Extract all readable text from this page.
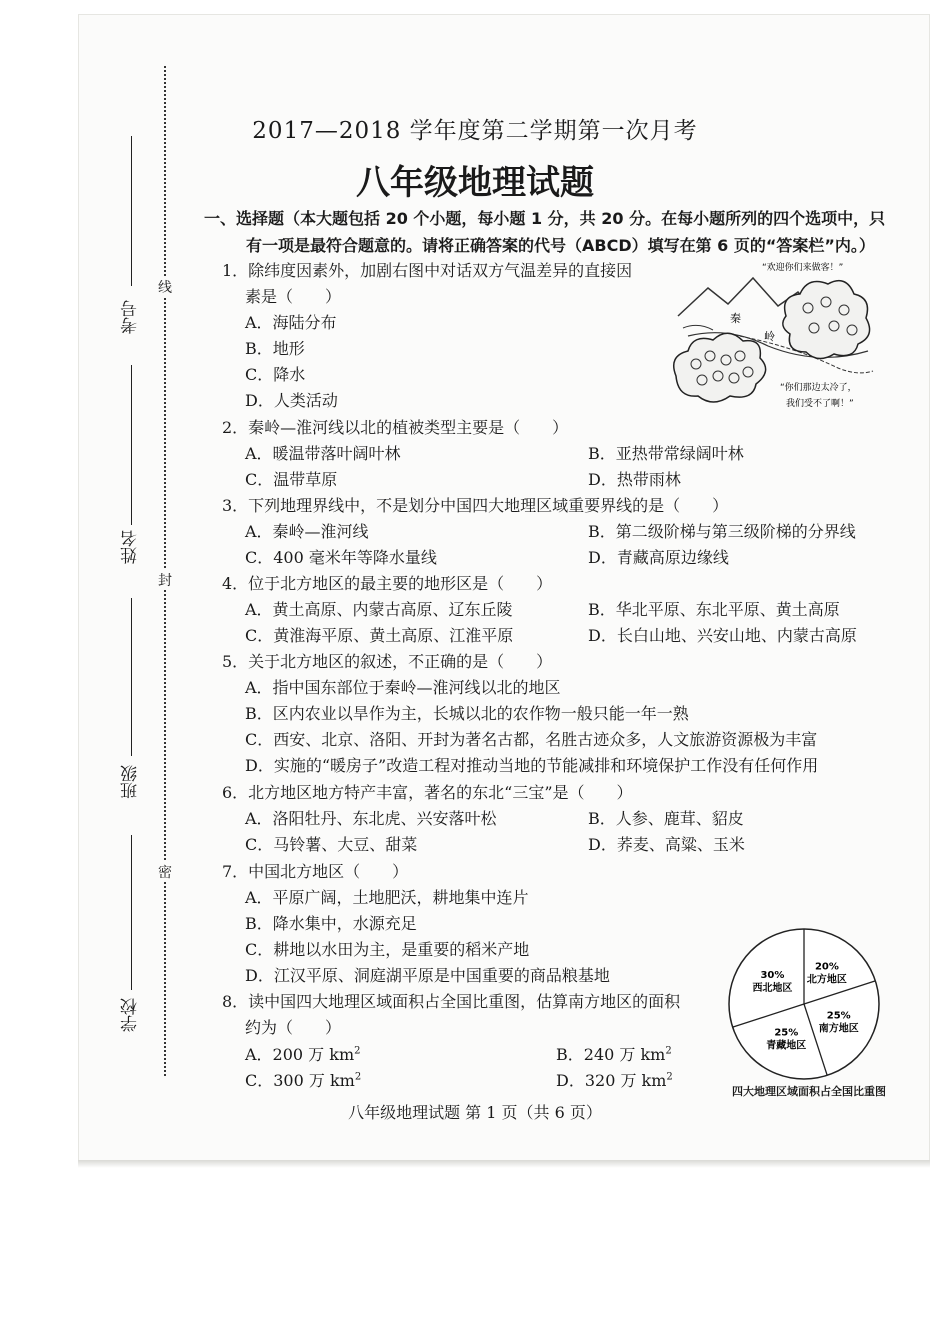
线
封
密
考号
姓名
班级
学校
2017—2018 学年度第二学期第一次月考
八年级地理试题
一、选择题（本大题包括 20 个小题，每小题 1 分，共 20 分。在每小题所列的四个选项中，只
有一项是最符合题意的。请将正确答案的代号（ABCD）填写在第 6 页的“答案栏”内。）
1．除纬度因素外，加剧右图中对话双方气温差异的直接因
素是（　　）
A．海陆分布
B．地形
C．降水
D．人类活动
秦
岭
“欢迎你们来做客！”
“你们那边太冷了，
我们受不了啊！”
2．秦岭—淮河线以北的植被类型主要是（　　）
A．暖温带落叶阔叶林	B．亚热带常绿阔叶林
C．温带草原	D．热带雨林
3．下列地理界线中，不是划分中国四大地理区域重要界线的是（　　）
A．秦岭—淮河线	B．第二级阶梯与第三级阶梯的分界线
C．400 毫米年等降水量线	D．青藏高原边缘线
4．位于北方地区的最主要的地形区是（　　）
A．黄土高原、内蒙古高原、辽东丘陵	B．华北平原、东北平原、黄土高原
C．黄淮海平原、黄土高原、江淮平原	D．长白山地、兴安山地、内蒙古高原
5．关于北方地区的叙述，不正确的是（　　）
A．指中国东部位于秦岭—淮河线以北的地区
B．区内农业以旱作为主，长城以北的农作物一般只能一年一熟
C．西安、北京、洛阳、开封为著名古都，名胜古迹众多，人文旅游资源极为丰富
D．实施的“暖房子”改造工程对推动当地的节能减排和环境保护工作没有任何作用
6．北方地区地方特产丰富，著名的东北“三宝”是（　　）
A．洛阳牡丹、东北虎、兴安落叶松	B．人参、鹿茸、貂皮
C．马铃薯、大豆、甜菜	D．荞麦、高粱、玉米
7．中国北方地区（　　）
A．平原广阔，土地肥沃，耕地集中连片
B．降水集中，水源充足
C．耕地以水田为主，是重要的稻米产地
D．江汉平原、洞庭湖平原是中国重要的商品粮基地
8．读中国四大地理区域面积占全国比重图，估算南方地区的面积
约为（　　）
A．200 万 $km^2$	B．240 万 $km^2$
C．300 万 $km^2$	D．320 万 $km^2$
30%
西北地区
20%
北方地区
25%
南方地区
25%
青藏地区
四大地理区域面积占全国比重图
八年级地理试题 第 1 页（共 6 页）
